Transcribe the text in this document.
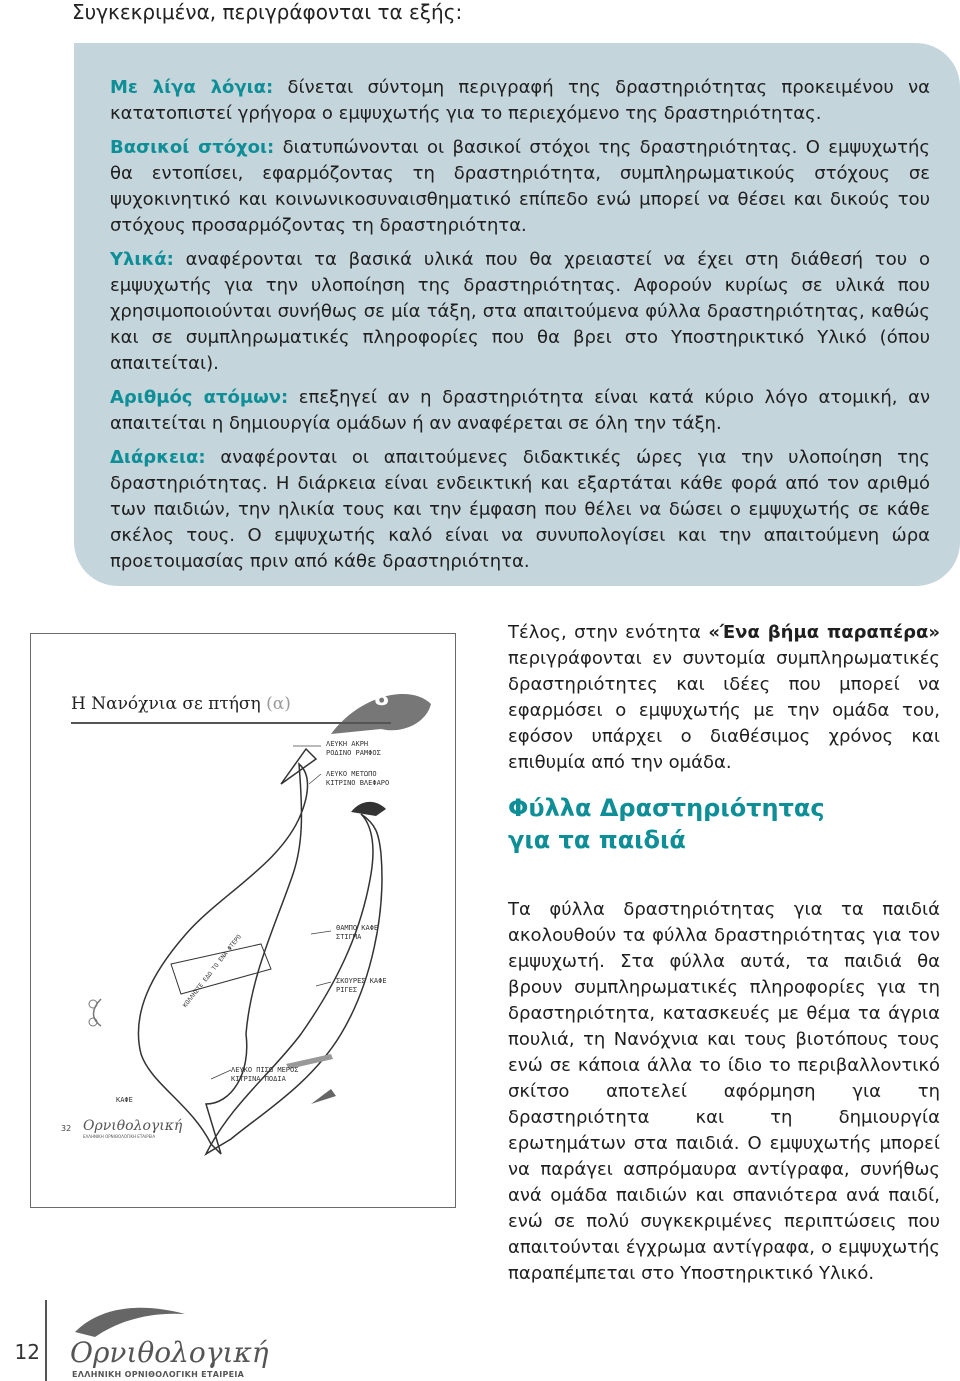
Συγκεκριμένα, περιγράφονται τα εξής:

Με λίγα λόγια: δίνεται σύντομη περιγραφή της δραστηριότητας προκειμένου να κατατοπιστεί γρήγορα ο εμψυχωτής για το περιεχόμενο της δραστηριότητας.

Βασικοί στόχοι: διατυπώνονται οι βασικοί στόχοι της δραστηριότητας. Ο εμψυχωτής θα εντοπίσει, εφαρμόζοντας τη δραστηριότητα, συμπληρωματικούς στόχους σε ψυχοκινητικό και κοινωνικοσυναισθηματικό επίπεδο ενώ μπορεί να θέσει και δικούς του στόχους προσαρμόζοντας τη δραστηριότητα.

Υλικά: αναφέρονται τα βασικά υλικά που θα χρειαστεί να έχει στη διάθεσή του ο εμψυχωτής για την υλοποίηση της δραστηριότητας. Αφορούν κυρίως σε υλικά που χρησιμοποιούνται συνήθως σε μία τάξη, στα απαιτούμενα φύλλα δραστηριότητας, καθώς και σε συμπληρωματικές πληροφορίες που θα βρει στο Υποστηρικτικό Υλικό (όπου απαιτείται).

Αριθμός ατόμων: επεξηγεί αν η δραστηριότητα είναι κατά κύριο λόγο ατομική, αν απαιτείται η δημιουργία ομάδων ή αν αναφέρεται σε όλη την τάξη.

Διάρκεια: αναφέρονται οι απαιτούμενες διδακτικές ώρες για την υλοποίηση της δραστηριότητας. Η διάρκεια είναι ενδεικτική και εξαρτάται κάθε φορά από τον αριθμό των παιδιών, την ηλικία τους και την έμφαση που θέλει να δώσει ο εμψυχωτής σε κάθε σκέλος τους. Ο εμψυχωτής καλό είναι να συνυπολογίσει και την απαιτούμενη ώρα προετοιμασίας πριν από κάθε δραστηριότητα.

Η Νανόχνια σε πτήση (α)	8
ΛΕΥΚΗ ΑΚΡΗ
ΡΟΔΙΝΟ ΡΑΜΦΟΣ
ΛΕΥΚΟ ΜΕΤΩΠΟ
ΚΙΤΡΙΝΟ ΒΛΕΦΑΡΟ
ΘΑΜΠΟ ΚΑΦΕ
ΣΤΙΓΜΑ
ΣΚΟΥΡΕΣ ΚΑΦΕ
ΡΙΓΕΣ
ΛΕΥΚΟ ΠΙΣΩ ΜΕΡΟΣ
ΚΙΤΡΙΝΑ ΠΟΔΙΑ
ΚΑΦΕ
ΚΟΛΛΗΣΤΕ ΕΔΩ ΤΟ ΕΝΑ ΦΤΕΡΟ
32 Ορνιθολογική
ΕΛΛΗΝΙΚΗ ΟΡΝΙΘΟΛΟΓΙΚΗ ΕΤΑΙΡΕΙΑ
Τέλος, στην ενότητα «Ένα βήμα παραπέρα» περιγράφονται εν συντομία συμπληρωματικές δραστηριότητες και ιδέες που μπορεί να εφαρμόσει ο εμψυχωτής με την ομάδα του, εφόσον υπάρχει ο διαθέσιμος χρόνος και επιθυμία από την ομάδα.
Φύλλα Δραστηριότητας
για τα παιδιά
Τα φύλλα δραστηριότητας για τα παιδιά ακολουθούν τα φύλλα δραστηριότητας για τον εμψυχωτή. Στα φύλλα αυτά, τα παιδιά θα βρουν συμπληρωματικές πληροφορίες για τη δραστηριότητα, κατασκευές με θέμα τα άγρια πουλιά, τη Νανόχνια και τους βιοτόπους τους ενώ σε κάποια άλλα το ίδιο το περιβαλλοντικό σκίτσο αποτελεί αφόρμηση για τη δραστηριότητα και τη δημιουργία ερωτημάτων στα παιδιά. Ο εμψυχωτής μπορεί να παράγει ασπρόμαυρα αντίγραφα, συνήθως ανά ομάδα παιδιών και σπανιότερα ανά παιδί, ενώ σε πολύ συγκεκριμένες περιπτώσεις που απαιτούνται έγχρωμα αντίγραφα, ο εμψυχωτής παραπέμπεται στο Υποστηρικτικό Υλικό.
12 Ορνιθολογική
ΕΛΛΗΝΙΚΗ ΟΡΝΙΘΟΛΟΓΙΚΗ ΕΤΑΙΡΕΙΑ
